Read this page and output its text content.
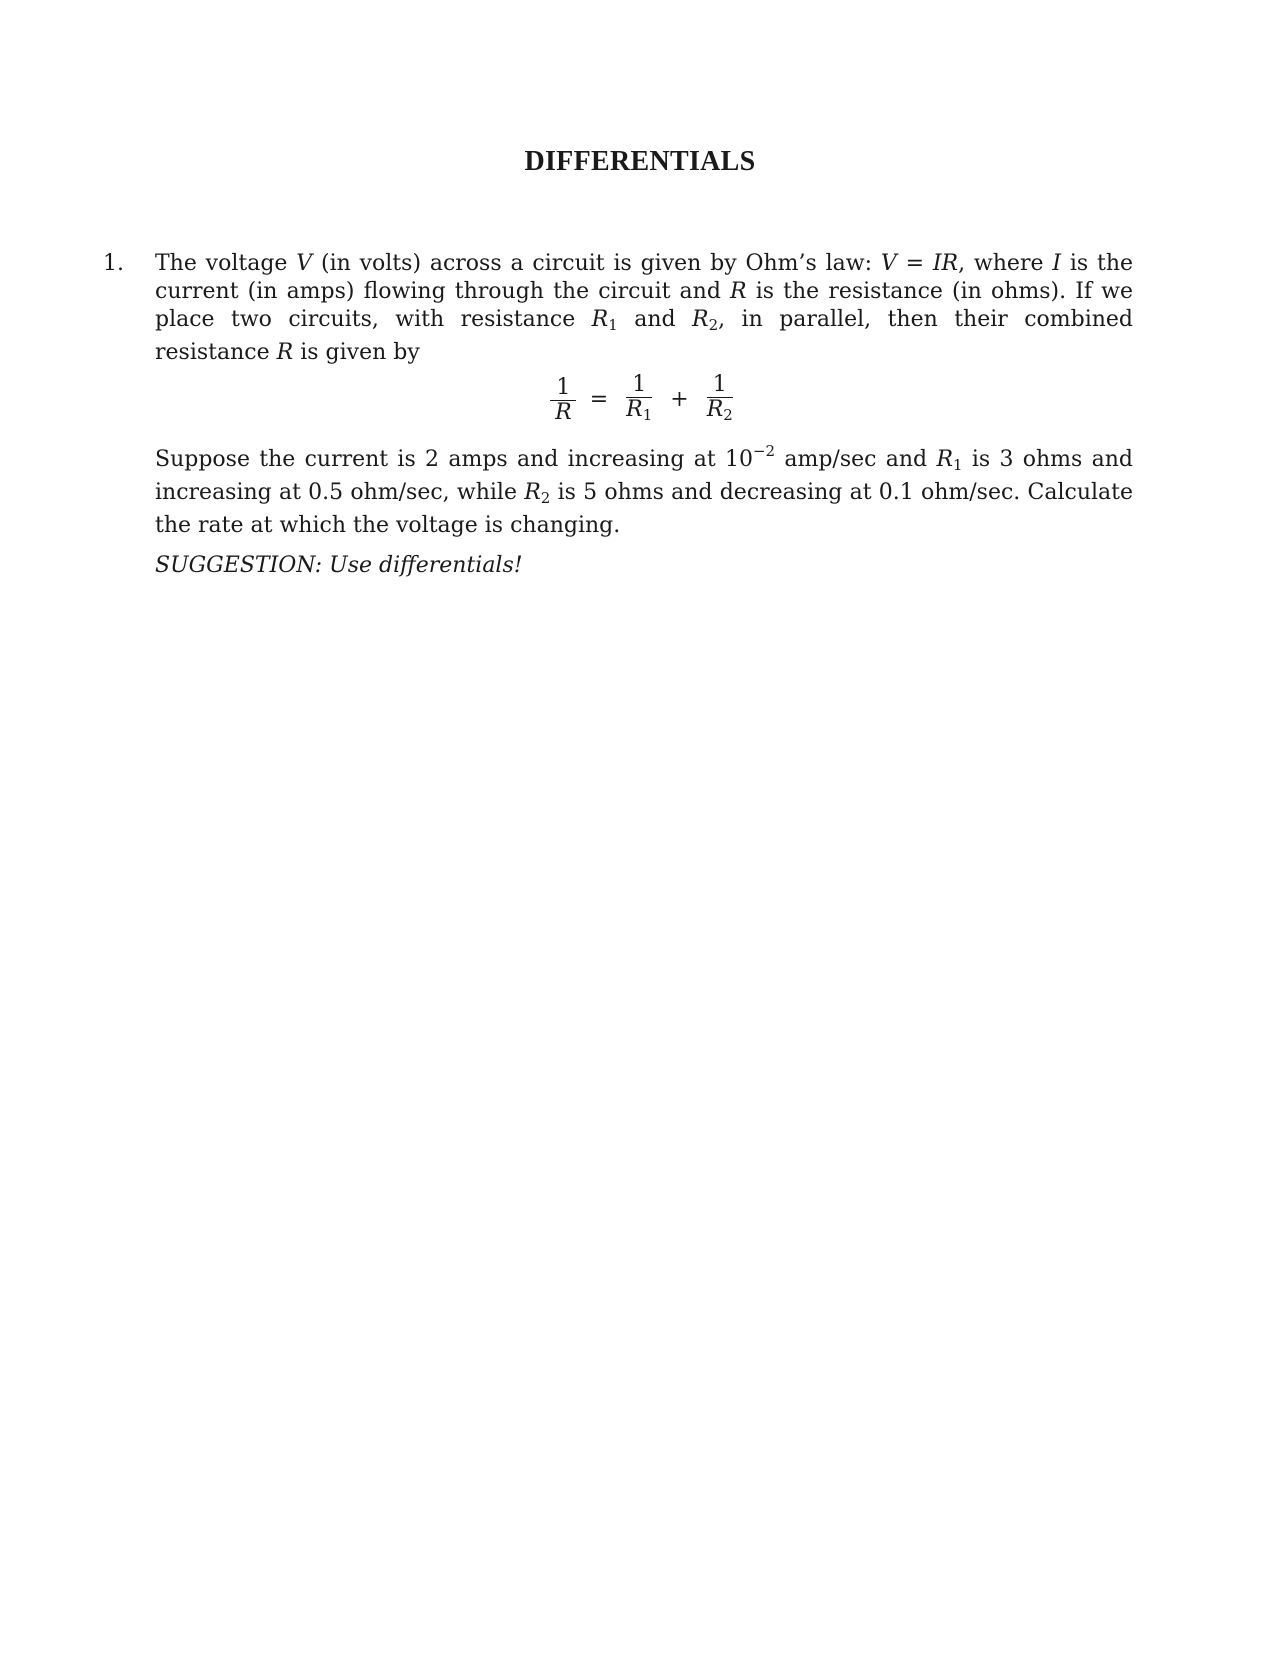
DIFFERENTIALS
1. The voltage V (in volts) across a circuit is given by Ohm’s law: V = IR, where I is the current (in amps) flowing through the circuit and R is the resistance (in ohms). If we place two circuits, with resistance $R_1$ and $R_2$, in parallel, then their combined resistance R is given by

$\frac{1}{R} = \frac{1}{R_1} + \frac{1}{R_2}$

Suppose the current is 2 amps and increasing at $10^{-2}$ amp/sec and $R_1$ is 3 ohms and increasing at 0.5 ohm/sec, while $R_2$ is 5 ohms and decreasing at 0.1 ohm/sec. Calculate the rate at which the voltage is changing.

SUGGESTION: Use differentials!
